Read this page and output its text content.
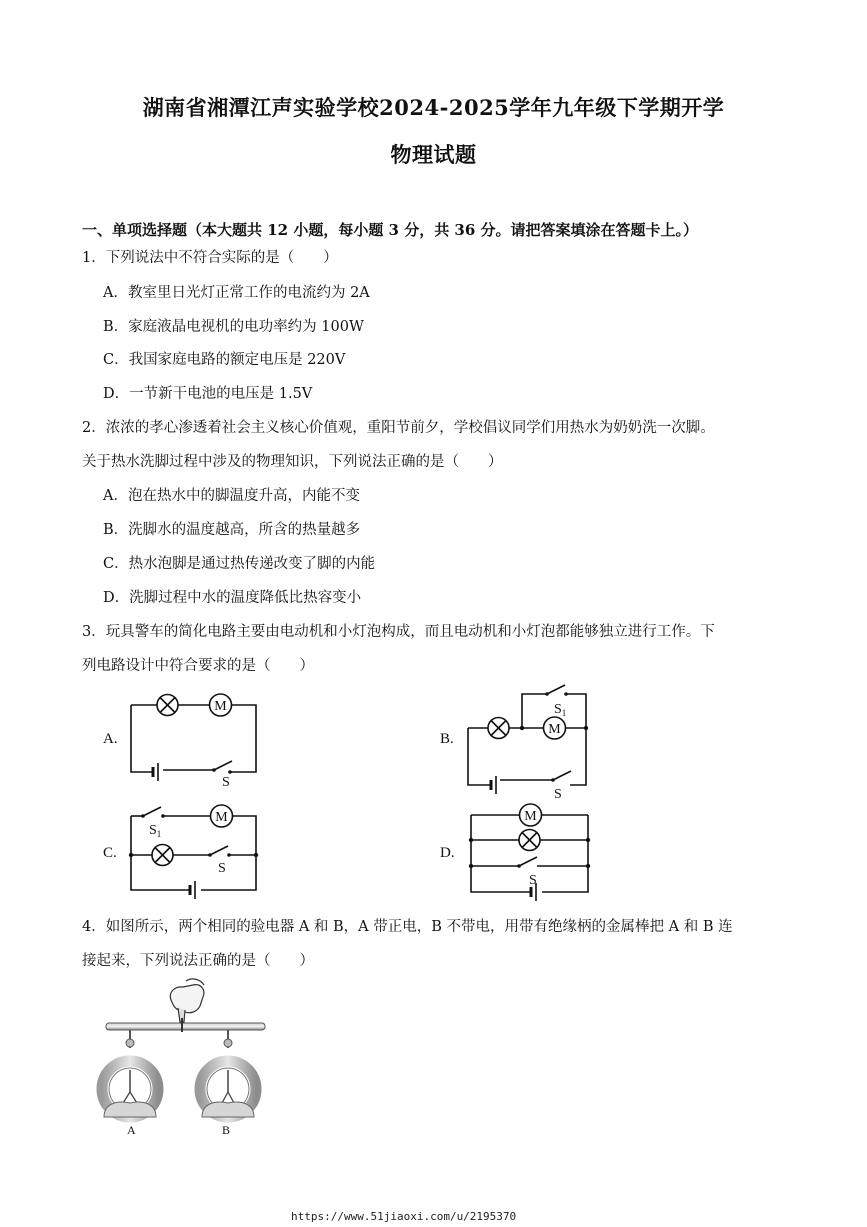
湖南省湘潭江声实验学校2024-2025学年九年级下学期开学
物理试题
一、单项选择题（本大题共 12 小题，每小题 3 分，共 36 分。请把答案填涂在答题卡上。）
1．下列说法中不符合实际的是（　　）
A．教室里日光灯正常工作的电流约为 2A
B．家庭液晶电视机的电功率约为 100W
C．我国家庭电路的额定电压是 220V
D．一节新干电池的电压是 1.5V
2．浓浓的孝心渗透着社会主义核心价值观，重阳节前夕，学校倡议同学们用热水为奶奶洗一次脚。
关于热水洗脚过程中涉及的物理知识，下列说法正确的是（　　）
A．泡在热水中的脚温度升高，内能不变
B．洗脚水的温度越高，所含的热量越多
C．热水泡脚是通过热传递改变了脚的内能
D．洗脚过程中水的温度降低比热容变小
3．玩具警车的简化电路主要由电动机和小灯泡构成，而且电动机和小灯泡都能够独立进行工作。下
列电路设计中符合要求的是（　　）
A.
M
S
B.
M
$S_1$
S
C.
M
$S_1$
S
D.
M
S
4．如图所示，两个相同的验电器 A 和 B，A 带正电，B 不带电，用带有绝缘柄的金属棒把 A 和 B 连
接起来，下列说法正确的是（　　）
A	B
https://www.51jiaoxi.com/u/2195370
